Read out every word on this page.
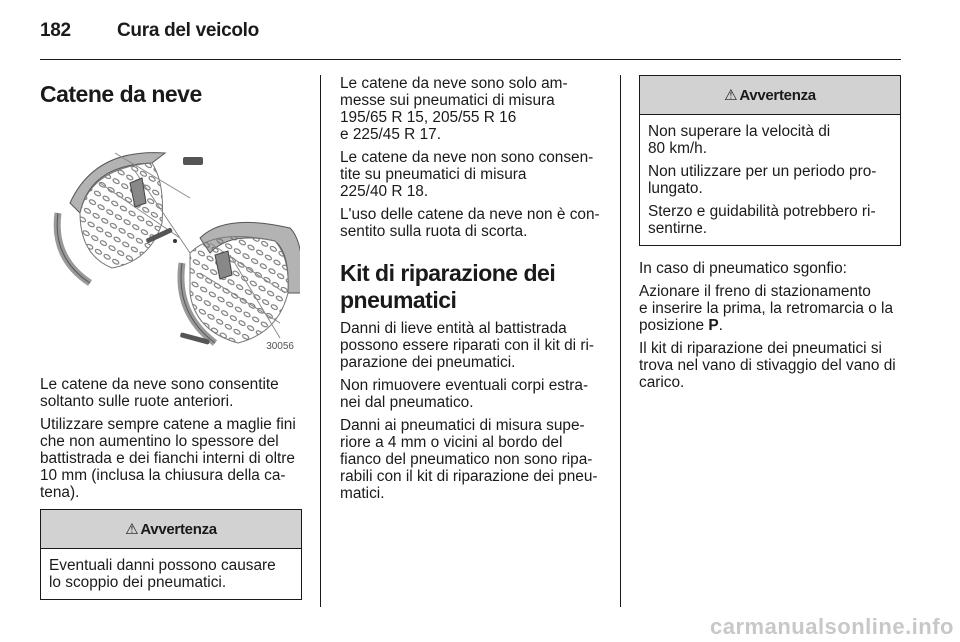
182 Cura del veicolo
Catene da neve
30056

Le catene da neve sono consentite
soltanto sulle ruote anteriori.

Utilizzare sempre catene a maglie fini
che non aumentino lo spessore del
battistrada e dei fianchi interni di oltre
10 mm (inclusa la chiusura della ca-
tena).

⚠ Avvertenza

Eventuali danni possono causare
lo scoppio dei pneumatici.

Le catene da neve sono solo am-
messe sui pneumatici di misura
195/65 R 15, 205/55 R 16
e 225/45 R 17.

Le catene da neve non sono consen-
tite su pneumatici di misura
225/40 R 18.

L'uso delle catene da neve non è con-
sentito sulla ruota di scorta.

Kit di riparazione dei
pneumatici

Danni di lieve entità al battistrada
possono essere riparati con il kit di ri-
parazione dei pneumatici.

Non rimuovere eventuali corpi estra-
nei dal pneumatico.

Danni ai pneumatici di misura supe-
riore a 4 mm o vicini al bordo del
fianco del pneumatico non sono ripa-
rabili con il kit di riparazione dei pneu-
matici.

⚠ Avvertenza

Non superare la velocità di
80 km/h.

Non utilizzare per un periodo pro-
lungato.

Sterzo e guidabilità potrebbero ri-
sentirne.

In caso di pneumatico sgonfio:

Azionare il freno di stazionamento
e inserire la prima, la retromarcia o la
posizione P.

Il kit di riparazione dei pneumatici si
trova nel vano di stivaggio del vano di
carico.

carmanualsonline.info
